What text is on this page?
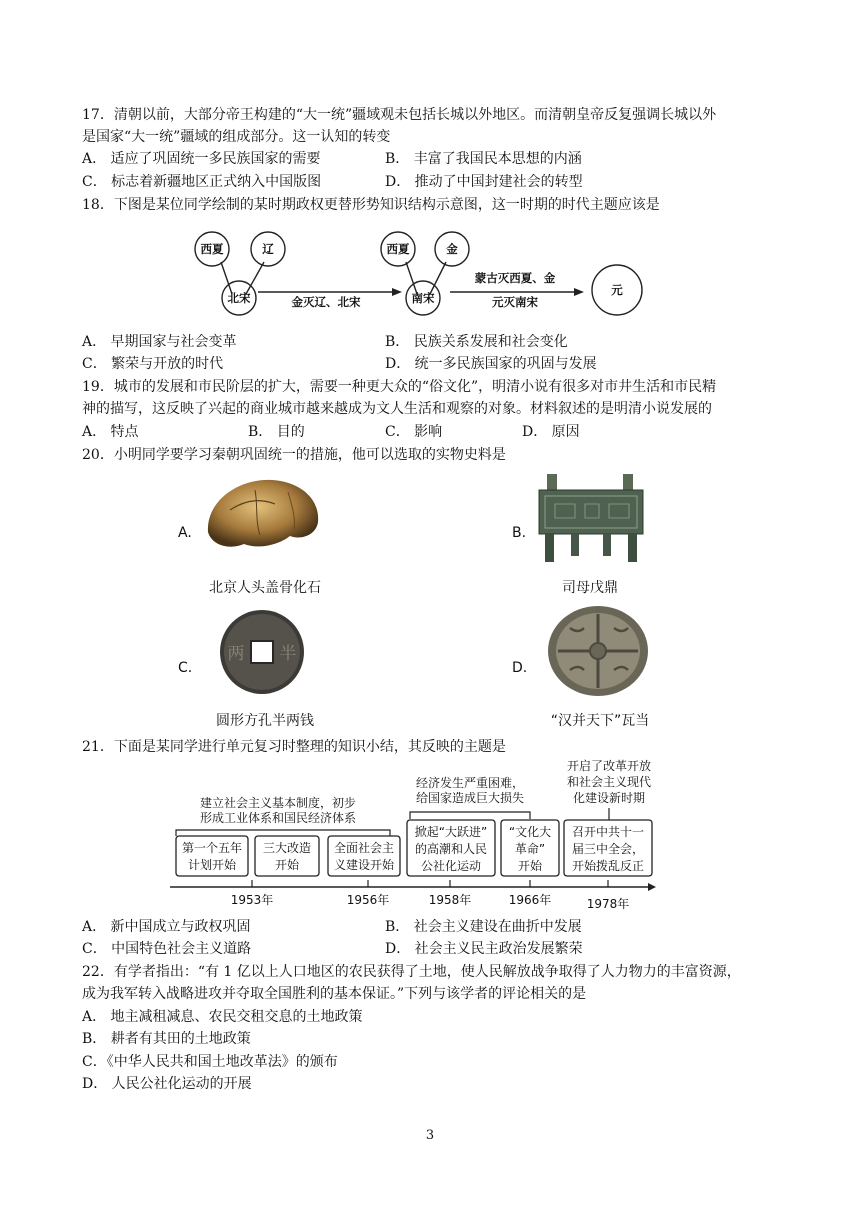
17．清朝以前，大部分帝王构建的“大一统”疆域观未包括长城以外地区。而清朝皇帝反复强调长城以外
是国家“大一统”疆域的组成部分。这一认知的转变
A． 适应了巩固统一多民族国家的需要	B． 丰富了我国民本思想的内涵
C． 标志着新疆地区正式纳入中国版图	D． 推动了中国封建社会的转型
18．下图是某位同学绘制的某时期政权更替形势知识结构示意图，这一时期的时代主题应该是
西夏	辽
北宋
西夏	金
南宋
元
金灭辽、北宋
蒙古灭西夏、金
元灭南宋
A． 早期国家与社会变革	B． 民族关系发展和社会变化
C． 繁荣与开放的时代	D． 统一多民族国家的巩固与发展
19．城市的发展和市民阶层的扩大，需要一种更大众的“俗文化”，明清小说有很多对市井生活和市民精
神的描写，这反映了兴起的商业城市越来越成为文人生活和观察的对象。材料叙述的是明清小说发展的
A． 特点	B． 目的	C． 影响	D． 原因
20．小明同学要学习秦朝巩固统一的措施，他可以选取的实物史料是
A.
北京人头盖骨化石
B.
司母戊鼎
C.
两 半
圆形方孔半两钱
D.
“汉并天下”瓦当
21．下面是某同学进行单元复习时整理的知识小结，其反映的主题是
建立社会主义基本制度，初步
形成工业体系和国民经济体系
经济发生严重困难，
给国家造成巨大损失
开启了改革开放
和社会主义现代
化建设新时期
第一个五年
计划开始
三大改造
开始
全面社会主
义建设开始
掀起“大跃进”
的高潮和人民
公社化运动
“文化大
革命”
开始
召开中共十一
届三中全会，
开始拨乱反正
1953年	1956年	1958年	1966年	1978年
A． 新中国成立与政权巩固	B． 社会主义建设在曲折中发展
C． 中国特色社会主义道路	D． 社会主义民主政治发展繁荣
22．有学者指出：“有 1 亿以上人口地区的农民获得了土地，使人民解放战争取得了人力物力的丰富资源，
成为我军转入战略进攻并夺取全国胜利的基本保证。”下列与该学者的评论相关的是
A． 地主减租减息、农民交租交息的土地政策
B． 耕者有其田的土地政策
C．《中华人民共和国土地改革法》的颁布
D． 人民公社化运动的开展
3
